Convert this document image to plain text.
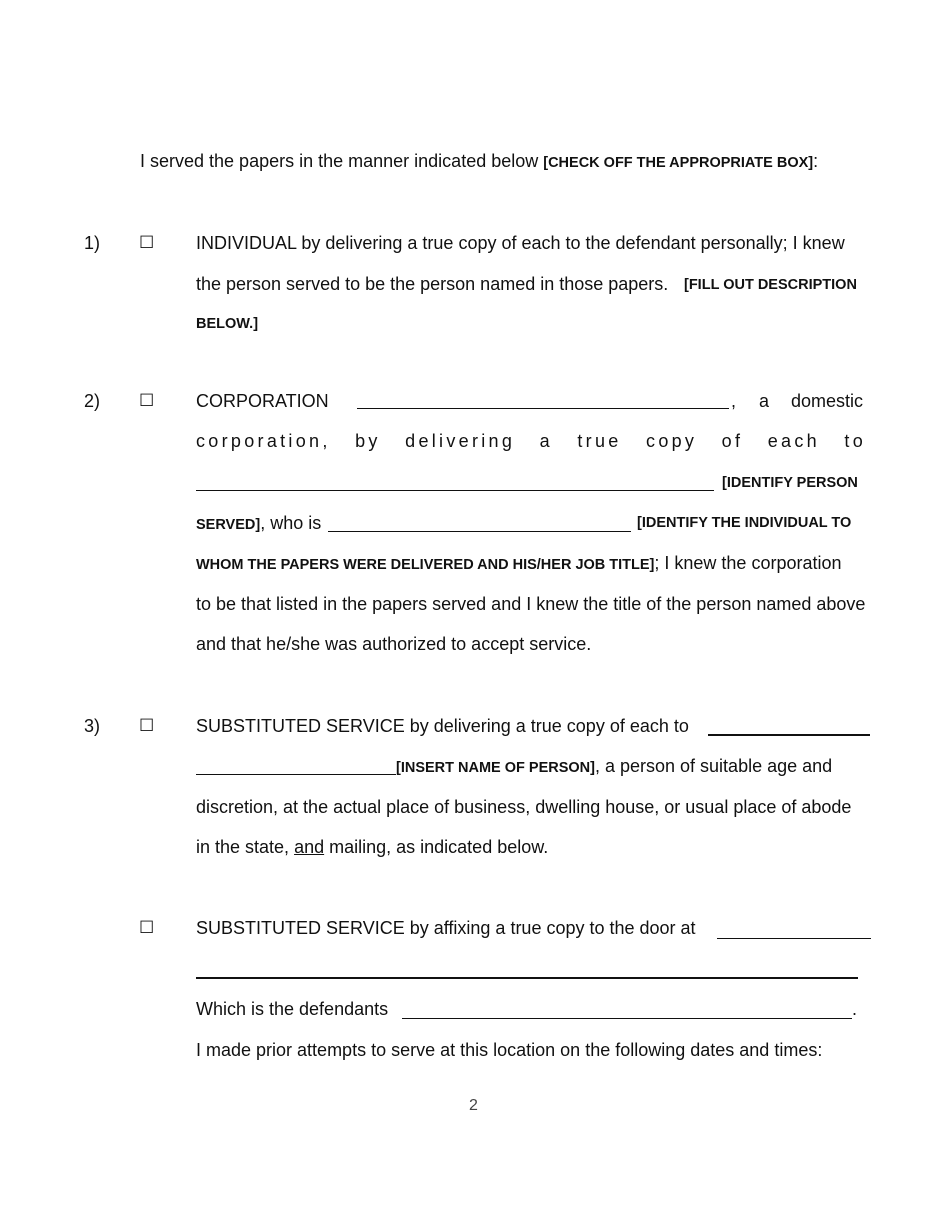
I served the papers in the manner indicated below [CHECK OFF THE APPROPRIATE BOX]:
1) ☐ INDIVIDUAL by delivering a true copy of each to the defendant personally; I knew
the person served to be the person named in those papers. [FILL OUT DESCRIPTION
BELOW.]
2) ☐ CORPORATION	, a domestic
corporation, by delivering a true copy of each to
[IDENTIFY PERSON
SERVED], who is	[IDENTIFY THE INDIVIDUAL TO
WHOM THE PAPERS WERE DELIVERED AND HIS/HER JOB TITLE]; I knew the corporation
to be that listed in the papers served and I knew the title of the person named above
and that he/she was authorized to accept service.
3) ☐ SUBSTITUTED SERVICE by delivering a true copy of each to
[INSERT NAME OF PERSON], a person of suitable age and
discretion, at the actual place of business, dwelling house, or usual place of abode
in the state, and mailing, as indicated below.
☐ SUBSTITUTED SERVICE by affixing a true copy to the door at
Which is the defendants	.
I made prior attempts to serve at this location on the following dates and times:
2
